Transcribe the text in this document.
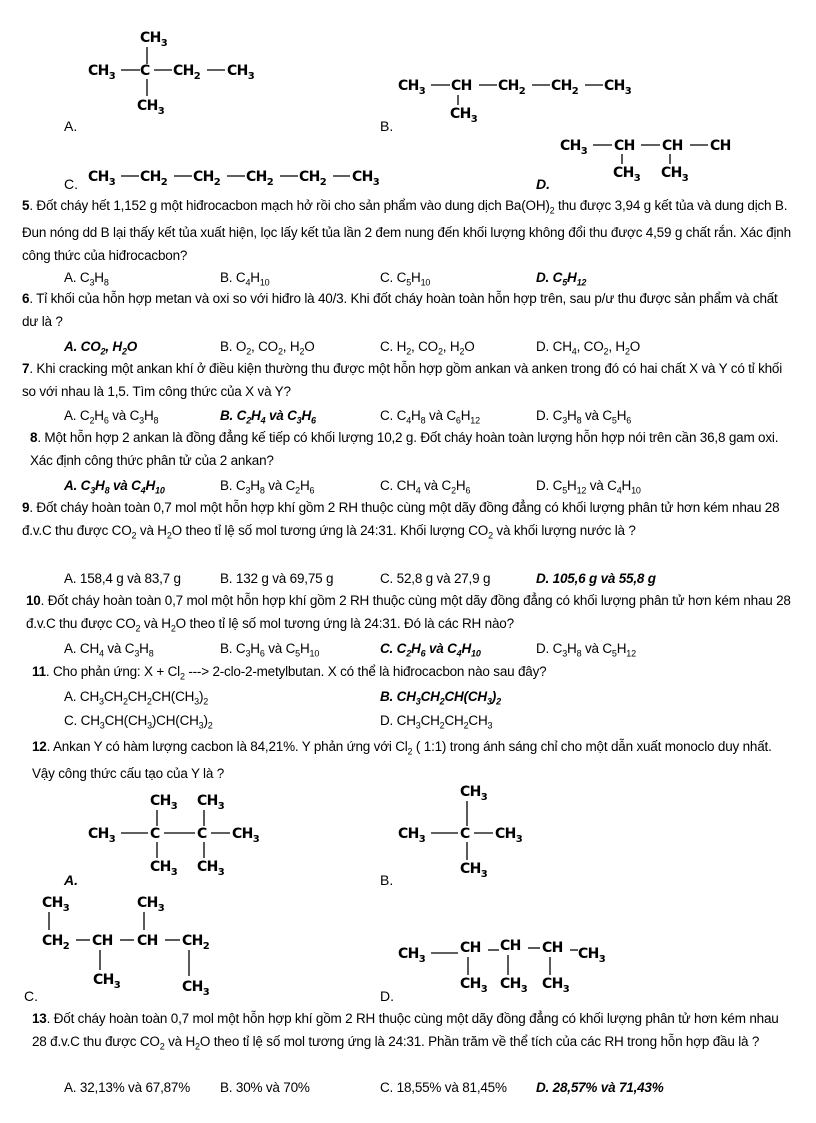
$CH_3$
$CH_3$ C $CH_2$ $CH_3$
$CH_3$
$CH_3$ CH $CH_2$ $CH_2$ $CH_3$
$CH_3$
$CH_3$ $CH_2$ $CH_2$ $CH_2$ $CH_2$ $CH_3$
$CH_3$ CH CH CH
$CH_3$ $CH_3$
A.	B.
C.	D.
5. Đốt cháy hết 1,152 g một hiđrocacbon mạch hở rồi cho sản phẩm vào dung dịch $Ba(OH)_2$ thu được 3,94 g kết tủa và dung dịch B. Đun nóng dd B lại thấy kết tủa xuất hiện, lọc lấy kết tủa lần 2 đem nung đến khối lượng không đổi thu được 4,59 g chất rắn. Xác định công thức của hiđrocacbon?
A. $C_3H_8$	B. $C_4H_{10}$	C. $C_5H_{10}$	D. $C_5H_{12}$
6. Tỉ khối của hỗn hợp metan và oxi so với hiđro là 40/3. Khi đốt cháy hoàn toàn hỗn hợp trên, sau p/ư thu được sản phẩm và chất dư là ?
A. $CO_2$, $H_2O$	B. $O_2$, $CO_2$, $H_2O$	C. $H_2$, $CO_2$, $H_2O$	D. $CH_4$, $CO_2$, $H_2O$
7. Khi cracking một ankan khí ở điều kiện thường thu được một hỗn hợp gồm ankan và anken trong đó có hai chất X và Y có tỉ khối so với nhau là 1,5. Tìm công thức của X và Y?
A. $C_2H_6$ và $C_3H_8$	B. $C_2H_4$ và $C_3H_6$	C. $C_4H_8$ và $C_6H_{12}$	D. $C_3H_8$ và $C_5H_6$
8. Một hỗn hợp 2 ankan là đồng đẳng kế tiếp có khối lượng 10,2 g. Đốt cháy hoàn toàn lượng hỗn hợp nói trên cần 36,8 gam oxi. Xác định công thức phân tử của 2 ankan?
A. $C_3H_8$ và $C_4H_{10}$	B. $C_3H_8$ và $C_2H_6$	C. $CH_4$ và $C_2H_6$	D. $C_5H_{12}$ và $C_4H_{10}$
9. Đốt cháy hoàn toàn 0,7 mol một hỗn hợp khí gồm 2 RH thuộc cùng một dãy đồng đẳng có khối lượng phân tử hơn kém nhau 28 đ.v.C thu được $CO_2$ và $H_2O$ theo tỉ lệ số mol tương ứng là 24:31. Khối lượng $CO_2$ và khối lượng nước là ?
A. 158,4 g và 83,7 g	B. 132 g và 69,75 g	C. 52,8 g và 27,9 g	D. 105,6 g và 55,8 g
10. Đốt cháy hoàn toàn 0,7 mol một hỗn hợp khí gồm 2 RH thuộc cùng một dãy đồng đẳng có khối lượng phân tử hơn kém nhau 28 đ.v.C thu được $CO_2$ và $H_2O$ theo tỉ lệ số mol tương ứng là 24:31. Đó là các RH nào?
A. $CH_4$ và $C_3H_8$	B. $C_3H_6$ và $C_5H_{10}$	C. $C_2H_6$ và $C_4H_{10}$	D. $C_3H_8$ và $C_5H_{12}$
11. Cho phản ứng: $X + Cl_2$ ---> 2-clo-2-metylbutan. X có thể là hiđrocacbon nào sau đây?
A. $CH_3CH_2CH_2CH(CH_3)_2$	B. $CH_3CH_2CH(CH_3)_2$
C. $CH_3CH(CH_3)CH(CH_3)_2$	D. $CH_3CH_2CH_2CH_3$
12. Ankan Y có hàm lượng cacbon là 84,21%. Y phản ứng với $Cl_2$ ( 1:1) trong ánh sáng chỉ cho một dẫn xuất monoclo duy nhất. Vậy công thức cấu tạo của Y là ?
$CH_3$ $CH_3$
$CH_3$ C	C $CH_3$
$CH_3$ $CH_3$
$CH_3$
$CH_3$ C $CH_3$
$CH_3$
$CH_3$	$CH_3$
$CH_2$ CH CH $CH_2$
$CH_3$	$CH_3$
$CH_3$
CH CH CH $CH_3$
$CH_3$ $CH_3$ $CH_3$
A.	B.
C.	D.
13. Đốt cháy hoàn toàn 0,7 mol một hỗn hợp khí gồm 2 RH thuộc cùng một dãy đồng đẳng có khối lượng phân tử hơn kém nhau 28 đ.v.C thu được $CO_2$ và $H_2O$ theo tỉ lệ số mol tương ứng là 24:31. Phần trăm về thể tích của các RH trong hỗn hợp đầu là ?
A. 32,13% và 67,87% B. 30% và 70%	C. 18,55% và 81,45% D. 28,57% và 71,43%
